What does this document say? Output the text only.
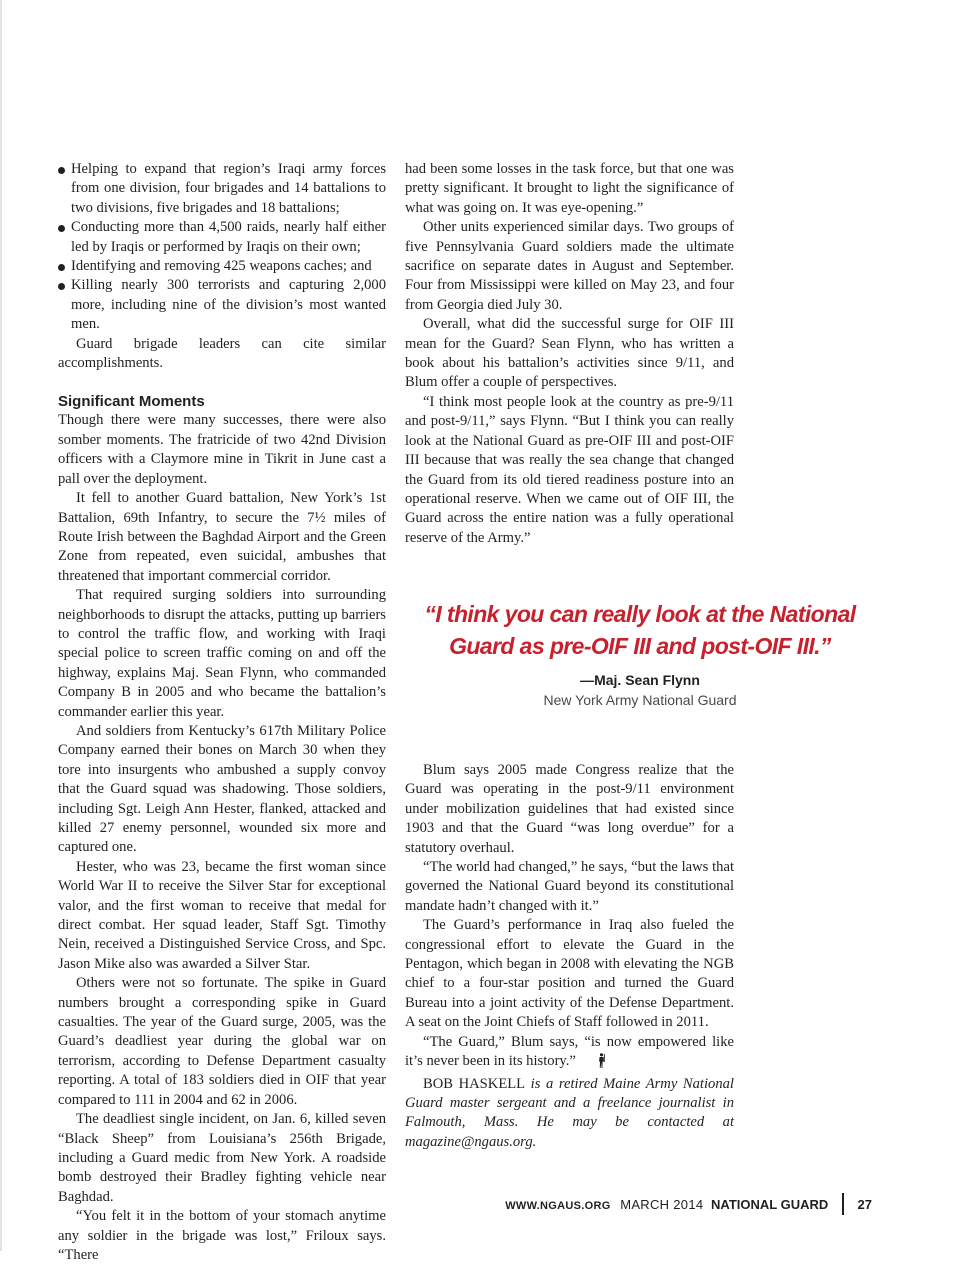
Helping to expand that region’s Iraqi army forces from one division, four brigades and 14 battalions to two divisions, five brigades and 18 battalions;
Conducting more than 4,500 raids, nearly half either led by Iraqis or performed by Iraqis on their own;
Identifying and removing 425 weapons caches; and
Killing nearly 300 terrorists and capturing 2,000 more, including nine of the division’s most wanted men.

Guard brigade leaders can cite similar accomplishments.

Significant Moments

Though there were many successes, there were also somber moments. The fratricide of two 42nd Division officers with a Claymore mine in Tikrit in June cast a pall over the deployment.

It fell to another Guard battalion, New York’s 1st Battalion, 69th Infantry, to secure the 7½ miles of Route Irish between the Baghdad Airport and the Green Zone from repeated, even suicidal, ambushes that threatened that important commercial corridor.

That required surging soldiers into surrounding neighborhoods to disrupt the attacks, putting up barriers to control the traffic flow, and working with Iraqi special police to screen traffic coming on and off the highway, explains Maj. Sean Flynn, who commanded Company B in 2005 and who became the battalion’s commander earlier this year.

And soldiers from Kentucky’s 617th Military Police Company earned their bones on March 30 when they tore into insurgents who ambushed a supply convoy that the Guard squad was shadowing. Those soldiers, including Sgt. Leigh Ann Hester, flanked, attacked and killed 27 enemy personnel, wounded six more and captured one.

Hester, who was 23, became the first woman since World War II to receive the Silver Star for exceptional valor, and the first woman to receive that medal for direct combat. Her squad leader, Staff Sgt. Timothy Nein, received a Distinguished Service Cross, and Spc. Jason Mike also was awarded a Silver Star.

Others were not so fortunate. The spike in Guard numbers brought a corresponding spike in Guard casualties. The year of the Guard surge, 2005, was the Guard’s deadliest year during the global war on terrorism, according to Defense Department casualty reporting. A total of 183 soldiers died in OIF that year compared to 111 in 2004 and 62 in 2006.

The deadliest single incident, on Jan. 6, killed seven “Black Sheep” from Louisiana’s 256th Brigade, including a Guard medic from New York. A roadside bomb destroyed their Bradley fighting vehicle near Baghdad.

“You felt it in the bottom of your stomach anytime any soldier in the brigade was lost,” Friloux says. “There

had been some losses in the task force, but that one was pretty significant. It brought to light the significance of what was going on. It was eye-opening.”

Other units experienced similar days. Two groups of five Pennsylvania Guard soldiers made the ultimate sacrifice on separate dates in August and September. Four from Mississippi were killed on May 23, and four from Georgia died July 30.

Overall, what did the successful surge for OIF III mean for the Guard? Sean Flynn, who has written a book about his battalion’s activities since 9/11, and Blum offer a couple of perspectives.

“I think most people look at the country as pre-9/11 and post-9/11,” says Flynn. “But I think you can really look at the National Guard as pre-OIF III and post-OIF III because that was really the sea change that changed the Guard from its old tiered readiness posture into an operational reserve. When we came out of OIF III, the Guard across the entire nation was a fully operational reserve of the Army.”

“I think you can really look at the National
Guard as pre-OIF III and post-OIF III.”
—Maj. Sean Flynn
New York Army National Guard

Blum says 2005 made Congress realize that the Guard was operating in the post-9/11 environment under mobilization guidelines that had existed since 1903 and that the Guard “was long overdue” for a statutory overhaul.

“The world had changed,” he says, “but the laws that governed the National Guard beyond its constitutional mandate hadn’t changed with it.”

The Guard’s performance in Iraq also fueled the congressional effort to elevate the Guard in the Pentagon, which began in 2008 with elevating the NGB chief to a four-star position and turned the Guard Bureau into a joint activity of the Defense Department. A seat on the Joint Chiefs of Staff followed in 2011.

“The Guard,” Blum says, “is now empowered like it’s never been in its history.”

BOB HASKELL is a retired Maine Army National Guard master sergeant and a freelance journalist in Falmouth, Mass. He may be contacted at magazine@ngaus.org.

WWW.NGAUS.ORG MARCH 2014 NATIONAL GUARD 27
